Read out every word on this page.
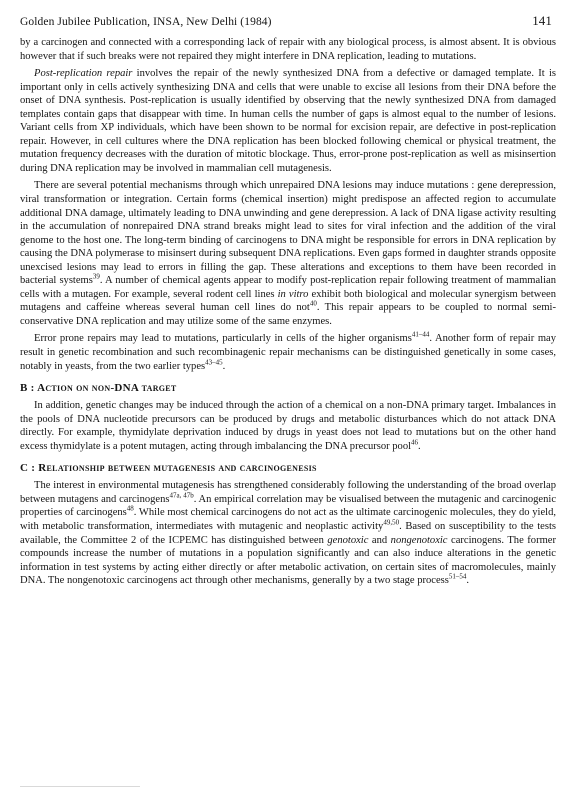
Golden Jubilee Publication, INSA, New Delhi (1984)	141

by a carcinogen and connected with a corresponding lack of repair with any biological process, is almost absent. It is obvious however that if such breaks were not repaired they might interfere in DNA replication, leading to mutations.

Post-replication repair involves the repair of the newly synthesized DNA from a defective or damaged template. It is important only in cells actively synthesizing DNA and cells that were unable to excise all lesions from their DNA before the onset of DNA synthesis. Post-replication is usually identified by observing that the newly synthesized DNA from damaged templates contain gaps that disappear with time. In human cells the number of gaps is almost equal to the number of lesions. Variant cells from XP individuals, which have been shown to be normal for excision repair, are defective in post-replication repair. However, in cell cultures where the DNA replication has been blocked following chemical or physical treatment, the mutation frequency decreases with the duration of mitotic blockage. Thus, error-prone post-replication as well as misinsertion during DNA replication may be involved in mammalian cell mutagenesis.

There are several potential mechanisms through which unrepaired DNA lesions may induce mutations : gene derepression, viral transformation or integration. Certain forms (chemical insertion) might predispose an affected region to accumulate additional DNA damage, ultimately leading to DNA unwinding and gene derepression. A lack of DNA ligase activity resulting in the accumulation of nonrepaired DNA strand breaks might lead to sites for viral infection and the addition of the viral genome to the host one. The long-term binding of carcinogens to DNA might be responsible for errors in DNA replication by causing the DNA polymerase to misinsert during subsequent DNA replications. Even gaps formed in daughter strands opposite unexcised lesions may lead to errors in filling the gap. These alterations and exceptions to them have been recorded in bacterial systems$^{39}$. A number of chemical agents appear to modify post-replication repair following treatment of mammalian cells with a mutagen. For example, several rodent cell lines in vitro exhibit both biological and molecular synergism between mutagens and caffeine whereas several human cell lines do not$^{40}$. This repair appears to be coupled to normal semi-conservative DNA replication and may utilize some of the same enzymes.

Error prone repairs may lead to mutations, particularly in cells of the higher organisms$^{41-44}$. Another form of repair may result in genetic recombination and such recombinagenic repair mechanisms can be distinguished genetically in some cases, notably in yeasts, from the two earlier types$^{43-45}$.

B : Action on non-DNA target

In addition, genetic changes may be induced through the action of a chemical on a non-DNA primary target. Imbalances in the pools of DNA nucleotide precursors can be produced by drugs and metabolic disturbances which do not attack DNA directly. For example, thymidylate deprivation induced by drugs in yeast does not lead to mutations but on the other hand excess thymidylate is a potent mutagen, acting through imbalancing the DNA precursor pool$^{46}$.

C : Relationship between mutagenesis and carcinogenesis

The interest in environmental mutagenesis has strengthened considerably following the understanding of the broad overlap between mutagens and carcinogens$^{47a, 47b}$. An empirical correlation may be visualised between the mutagenic and carcinogenic properties of carcinogens$^{48}$. While most chemical carcinogens do not act as the ultimate carcinogenic molecules, they do yield, with metabolic transformation, intermediates with mutagenic and neoplastic activity$^{49,50}$. Based on susceptibility to the tests available, the Committee 2 of the ICPEMC has distinguished between genotoxic and nongenotoxic carcinogens. The former compounds increase the number of mutations in a population significantly and can also induce alterations in the genetic information in test systems by acting either directly or after metabolic activation, on certain sites of macromolecules, mainly DNA. The nongenotoxic carcinogens act through other mechanisms, generally by a two stage process$^{51-54}$.
